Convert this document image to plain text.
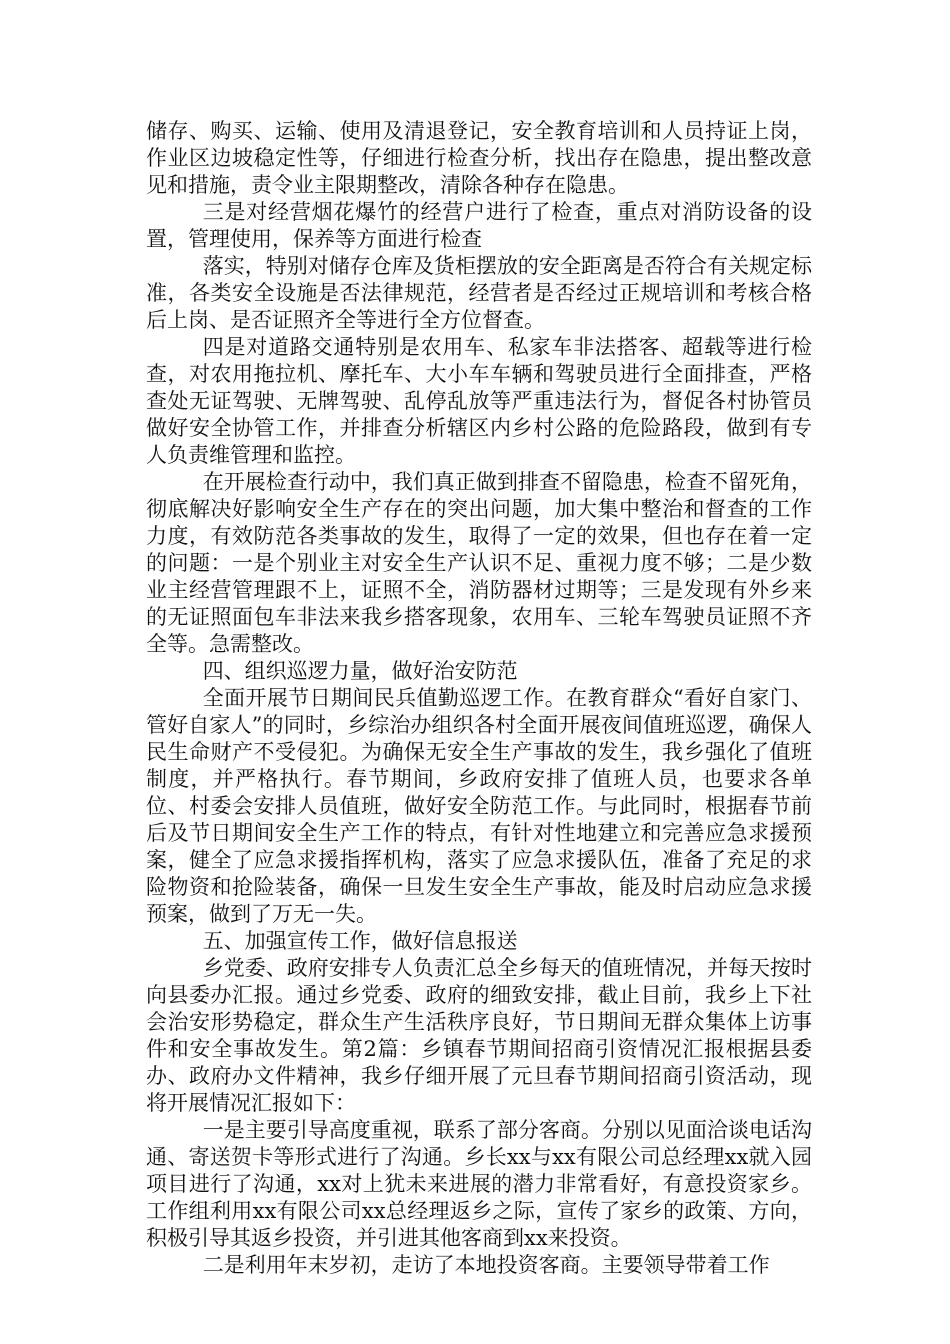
储存、购买、运输、使用及清退登记，安全教育培训和人员持证上岗，作业区边坡稳定性等，仔细进行检查分析，找出存在隐患，提出整改意见和措施，责令业主限期整改，清除各种存在隐患。

三是对经营烟花爆竹的经营户进行了检查，重点对消防设备的设置，管理使用，保养等方面进行检查

落实，特别对储存仓库及货柜摆放的安全距离是否符合有关规定标准，各类安全设施是否法律规范，经营者是否经过正规培训和考核合格后上岗、是否证照齐全等进行全方位督查。

四是对道路交通特别是农用车、私家车非法搭客、超载等进行检查，对农用拖拉机、摩托车、大小车车辆和驾驶员进行全面排查，严格查处无证驾驶、无牌驾驶、乱停乱放等严重违法行为，督促各村协管员做好安全协管工作，并排查分析辖区内乡村公路的危险路段，做到有专人负责维管理和监控。

在开展检查行动中，我们真正做到排查不留隐患，检查不留死角，彻底解决好影响安全生产存在的突出问题，加大集中整治和督查的工作力度，有效防范各类事故的发生，取得了一定的效果，但也存在着一定的问题：一是个别业主对安全生产认识不足、重视力度不够；二是少数业主经营管理跟不上，证照不全，消防器材过期等；三是发现有外乡来的无证照面包车非法来我乡搭客现象，农用车、三轮车驾驶员证照不齐全等。急需整改。

四、组织巡逻力量，做好治安防范

全面开展节日期间民兵值勤巡逻工作。在教育群众“看好自家门、管好自家人”的同时，乡综治办组织各村全面开展夜间值班巡逻，确保人民生命财产不受侵犯。为确保无安全生产事故的发生，我乡强化了值班制度，并严格执行。春节期间，乡政府安排了值班人员，也要求各单位、村委会安排人员值班，做好安全防范工作。与此同时，根据春节前后及节日期间安全生产工作的特点，有针对性地建立和完善应急求援预案，健全了应急求援指挥机构，落实了应急求援队伍，准备了充足的求险物资和抢险装备，确保一旦发生安全生产事故，能及时启动应急求援预案，做到了万无一失。

五、加强宣传工作，做好信息报送

乡党委、政府安排专人负责汇总全乡每天的值班情况，并每天按时向县委办汇报。通过乡党委、政府的细致安排，截止目前，我乡上下社会治安形势稳定，群众生产生活秩序良好，节日期间无群众集体上访事件和安全事故发生。第2篇：乡镇春节期间招商引资情况汇报根据县委办、政府办文件精神，我乡仔细开展了元旦春节期间招商引资活动，现将开展情况汇报如下：

一是主要引导高度重视，联系了部分客商。分别以见面洽谈电话沟通、寄送贺卡等形式进行了沟通。乡长xx与xx有限公司总经理xx就入园项目进行了沟通，xx对上犹未来进展的潜力非常看好，有意投资家乡。工作组利用xx有限公司xx总经理返乡之际，宣传了家乡的政策、方向，积极引导其返乡投资，并引进其他客商到xx来投资。

二是利用年末岁初，走访了本地投资客商。主要领导带着工作
